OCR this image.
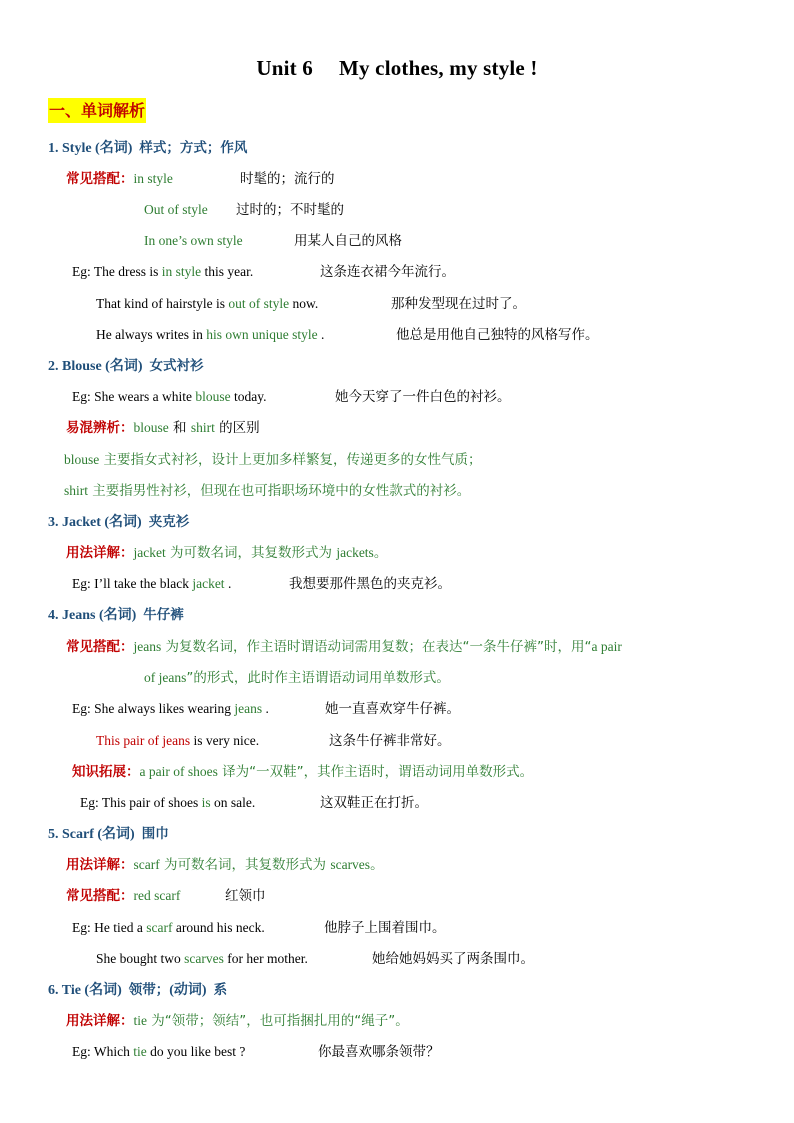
Unit 6 My clothes, my style !
一、单词解析
1. Style (名词) 样式；方式；作风
常见搭配：in style	时髦的；流行的
Out of style 过时的；不时髦的
In one’s own style	用某人自己的风格
Eg: The dress is in style this year.	这条连衣裙今年流行。
That kind of hairstyle is out of style now.	那种发型现在过时了。
He always writes in his own unique style .	他总是用他自己独特的风格写作。
2. Blouse (名词) 女式衬衫
Eg: She wears a white blouse today.	她今天穿了一件白色的衬衫。
易混辨析：blouse 和 shirt 的区别
blouse 主要指女式衬衫，设计上更加多样繁复，传递更多的女性气质；
shirt 主要指男性衬衫，但现在也可指职场环境中的女性款式的衬衫。
3. Jacket (名词) 夹克衫
用法详解：jacket 为可数名词，其复数形式为 jackets。
Eg: I’ll take the black jacket .	我想要那件黑色的夹克衫。
4. Jeans (名词) 牛仔裤
常见搭配：jeans 为复数名词，作主语时谓语动词需用复数；在表达“一条牛仔裤”时，用“a pair
of jeans”的形式，此时作主语谓语动词用单数形式。
Eg: She always likes wearing jeans .	她一直喜欢穿牛仔裤。
This pair of jeans is very nice.	这条牛仔裤非常好。
知识拓展：a pair of shoes 译为“一双鞋”，其作主语时，谓语动词用单数形式。
Eg: This pair of shoes is on sale.	这双鞋正在打折。
5. Scarf (名词) 围巾
用法详解：scarf 为可数名词，其复数形式为 scarves。
常见搭配：red scarf	红领巾
Eg: He tied a scarf around his neck.	他脖子上围着围巾。
She bought two scarves for her mother.	她给她妈妈买了两条围巾。
6. Tie (名词) 领带；(动词) 系
用法详解：tie 为“领带；领结”，也可指捆扎用的“绳子”。
Eg: Which tie do you like best ?	你最喜欢哪条领带？
